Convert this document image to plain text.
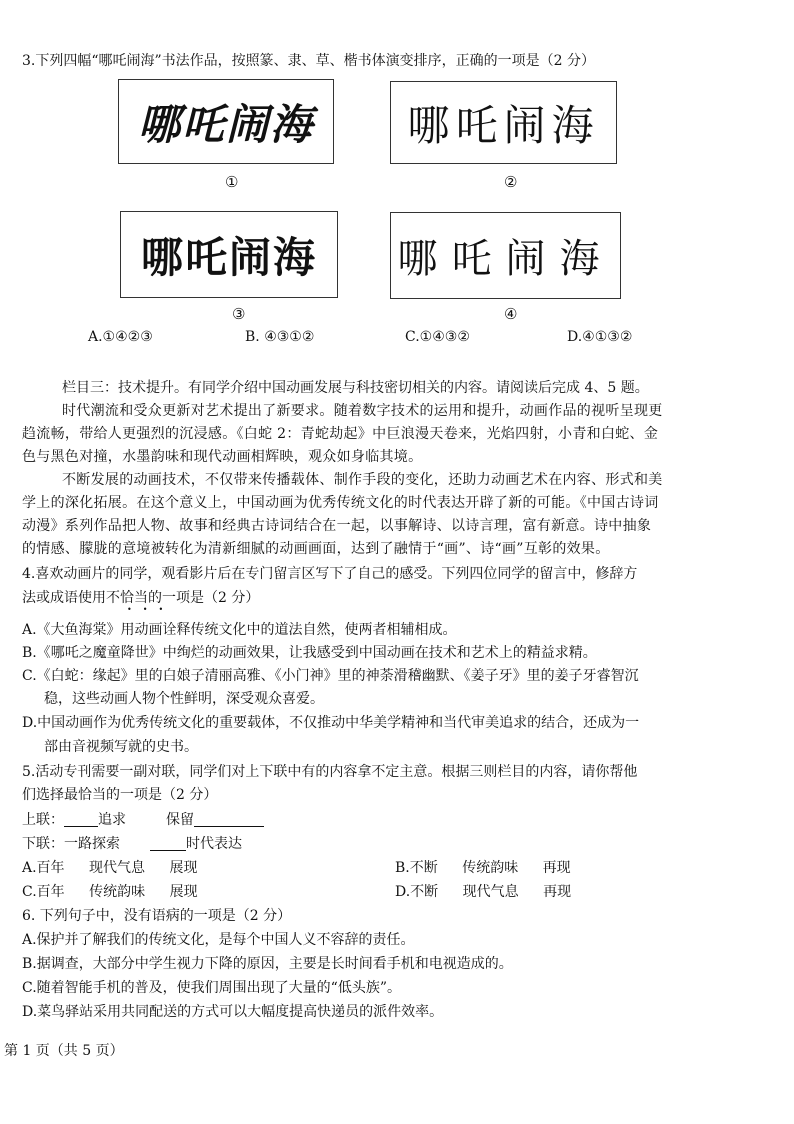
3.下列四幅“哪吒闹海”书法作品，按照篆、隶、草、楷书体演变排序，正确的一项是（2 分）
哪吒闹海 哪吒闹海
①	②
哪吒闹海 哪吒闹海
③	④
A.①④②③	B. ④③①②	C.①④③②	D.④①③②
栏目三：技术提升。有同学介绍中国动画发展与科技密切相关的内容。请阅读后完成 4、5 题。
时代潮流和受众更新对艺术提出了新要求。随着数字技术的运用和提升，动画作品的视听呈现更
趋流畅，带给人更强烈的沉浸感。《白蛇 2：青蛇劫起》中巨浪漫天卷来，光焰四射，小青和白蛇、金
色与黑色对撞，水墨韵味和现代动画相辉映，观众如身临其境。
不断发展的动画技术，不仅带来传播载体、制作手段的变化，还助力动画艺术在内容、形式和美
学上的深化拓展。在这个意义上，中国动画为优秀传统文化的时代表达开辟了新的可能。《中国古诗词
动漫》系列作品把人物、故事和经典古诗词结合在一起，以事解诗、以诗言理，富有新意。诗中抽象
的情感、朦胧的意境被转化为清新细腻的动画画面，达到了融情于“画”、诗“画”互彰的效果。
4.喜欢动画片的同学，观看影片后在专门留言区写下了自己的感受。下列四位同学的留言中，修辞方
法或成语使用不恰当的一项是（2 分）
•••
A.《大鱼海棠》用动画诠释传统文化中的道法自然，使两者相辅相成。
B.《哪吒之魔童降世》中绚烂的动画效果，让我感受到中国动画在技术和艺术上的精益求精。
C.《白蛇：缘起》里的白娘子清丽高雅、《小门神》里的神荼滑稽幽默、《姜子牙》里的姜子牙睿智沉
稳，这些动画人物个性鲜明，深受观众喜爱。
D.中国动画作为优秀传统文化的重要载体，不仅推动中华美学精神和当代审美追求的结合，还成为一
部由音视频写就的史书。
5.活动专刊需要一副对联，同学们对上下联中有的内容拿不定主意。根据三则栏目的内容，请你帮他
们选择最恰当的一项是（2 分）
上联： 追求	保留
下联：一路探索	时代表达
A.百年 现代气息 展现	B.不断 传统韵味 再现
C.百年 传统韵味 展现	D.不断 现代气息 再现
6. 下列句子中，没有语病的一项是（2 分）
A.保护并了解我们的传统文化，是每个中国人义不容辞的责任。
B.据调查，大部分中学生视力下降的原因，主要是长时间看手机和电视造成的。
C.随着智能手机的普及，使我们周围出现了大量的“低头族”。
D.菜鸟驿站采用共同配送的方式可以大幅度提高快递员的派件效率。
第 1 页（共 5 页）
